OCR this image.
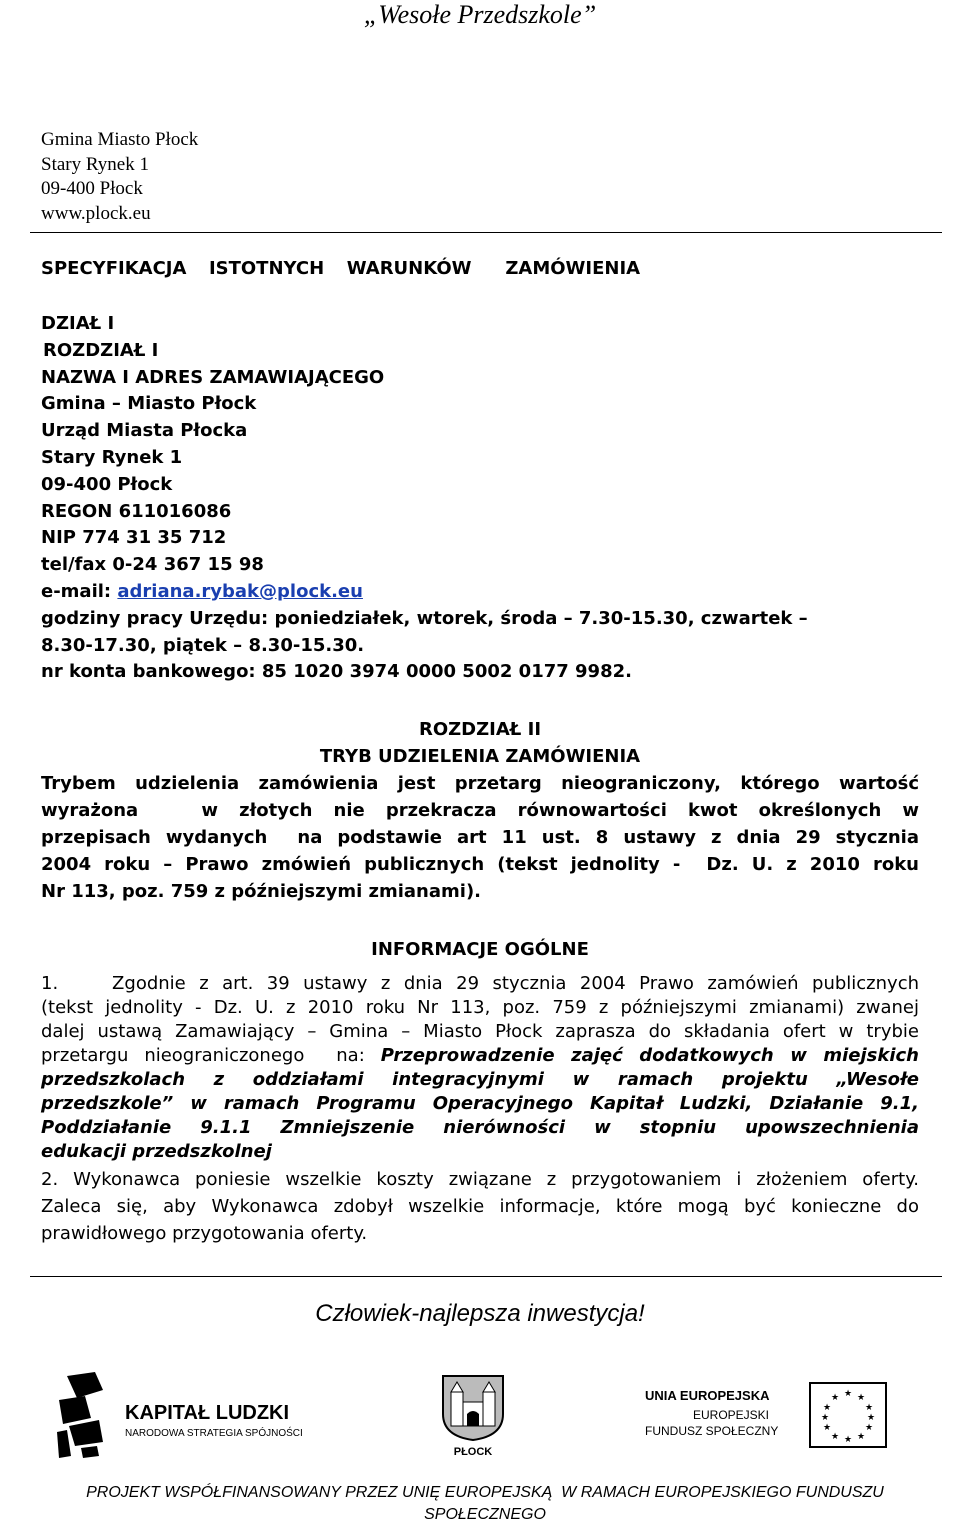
„Wesołe Przedszkole”
Gmina Miasto Płock
Stary Rynek 1
09-400 Płock
www.plock.eu
SPECYFIKACJA  ISTOTNYCH  WARUNKÓW   ZAMÓWIENIA
DZIAŁ I
ROZDZIAŁ I
NAZWA I ADRES ZAMAWIAJĄCEGO
Gmina – Miasto Płock
Urząd Miasta Płocka
Stary Rynek 1
09-400 Płock
REGON 611016086
NIP 774 31 35 712
tel/fax 0-24 367 15 98
e-mail: adriana.rybak@plock.eu
godziny pracy Urzędu: poniedziałek, wtorek, środa – 7.30-15.30, czwartek –
8.30-17.30, piątek – 8.30-15.30.
nr konta bankowego: 85 1020 3974 0000 5002 0177 9982.
ROZDZIAŁ II
TRYB UDZIELENIA ZAMÓWIENIA
Trybem udzielenia zamówienia jest przetarg nieograniczony, którego wartość
wyrażona   w złotych nie przekracza równowartości kwot określonych w
przepisach wydanych  na podstawie art 11 ust. 8 ustawy z dnia 29 stycznia
2004 roku – Prawo zmówień publicznych (tekst jednolity -  Dz. U. z 2010 roku
Nr 113, poz. 759 z późniejszymi zmianami).
INFORMACJE OGÓLNE
1.    Zgodnie z art. 39 ustawy z dnia 29 stycznia 2004 Prawo zamówień publicznych
(tekst jednolity - Dz. U. z 2010 roku Nr 113, poz. 759 z późniejszymi zmianami) zwanej
dalej ustawą Zamawiający – Gmina – Miasto Płock zaprasza do składania ofert w trybie
przetargu nieograniczonego  na: Przeprowadzenie zajęć dodatkowych w miejskich
przedszkolach z oddziałami integracyjnymi w ramach projektu „Wesołe
przedszkole” w ramach Programu Operacyjnego Kapitał Ludzki, Działanie 9.1,
Poddziałanie 9.1.1 Zmniejszenie nierówności w stopniu upowszechnienia
edukacji przedszkolnej
2. Wykonawca poniesie wszelkie koszty związane z przygotowaniem i złożeniem oferty.
Zaleca się, aby Wykonawca zdobył wszelkie informacje, które mogą być konieczne do
prawidłowego przygotowania oferty.
Człowiek-najlepsza inwestycja!
KAPITAŁ LUDZKI
NARODOWA STRATEGIA SPÓJNOŚCI
PŁOCK
UNIA EUROPEJSKA
EUROPEJSKI
FUNDUSZ SPOŁECZNY
★ ★
★
★
★
★
★
★
★
★
★
★
PROJEKT WSPÓŁFINANSOWANY PRZEZ UNIĘ EUROPEJSKĄ  W RAMACH EUROPEJSKIEGO FUNDUSZU
SPOŁECZNEGO
